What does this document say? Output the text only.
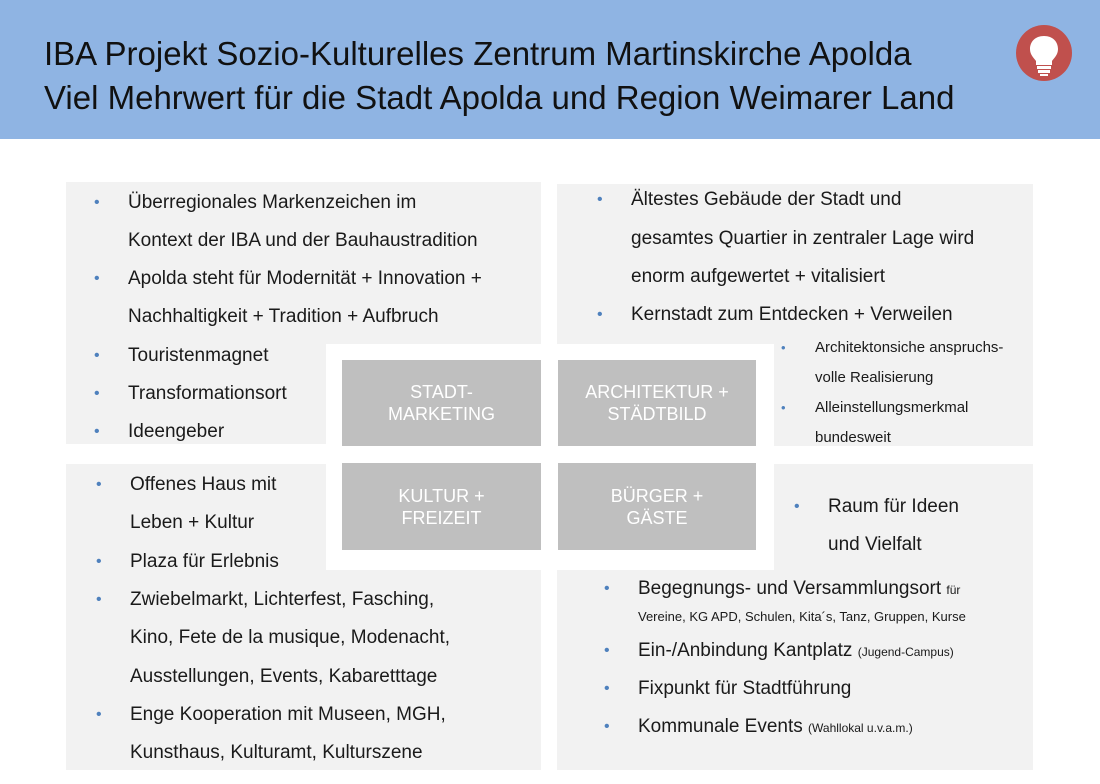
IBA Projekt Sozio-Kulturelles Zentrum Martinskirche Apolda
Viel Mehrwert für die Stadt Apolda und Region Weimarer Land
STADT-
MARKETING
ARCHITEKTUR +
STÄDTBILD
KULTUR +
FREIZEIT
BÜRGER +
GÄSTE
• Überregionales Markenzeichen im
Kontext der IBA und der Bauhaustradition
• Apolda steht für Modernität + Innovation +
Nachhaltigkeit + Tradition + Aufbruch
• Touristenmagnet
• Transformationsort
• Ideengeber
• Ältestes Gebäude der Stadt und
gesamtes Quartier in zentraler Lage wird
enorm aufgewertet + vitalisiert
• Kernstadt zum Entdecken + Verweilen
• Architektonsiche anspruchs-
volle Realisierung
• Alleinstellungsmerkmal
bundesweit
• Offenes Haus mit
Leben + Kultur
• Plaza für Erlebnis
• Zwiebelmarkt, Lichterfest, Fasching,
Kino, Fete de la musique, Modenacht,
Ausstellungen, Events, Kabaretttage
• Enge Kooperation mit Museen, MGH,
Kunsthaus, Kulturamt, Kulturszene
• Raum für Ideen
und Vielfalt
• Begegnungs- und Versammlungsort für
Vereine, KG APD, Schulen, Kita´s, Tanz, Gruppen, Kurse
• Ein-/Anbindung Kantplatz (Jugend-Campus)
• Fixpunkt für Stadtführung
• Kommunale Events (Wahllokal u.v.a.m.)
